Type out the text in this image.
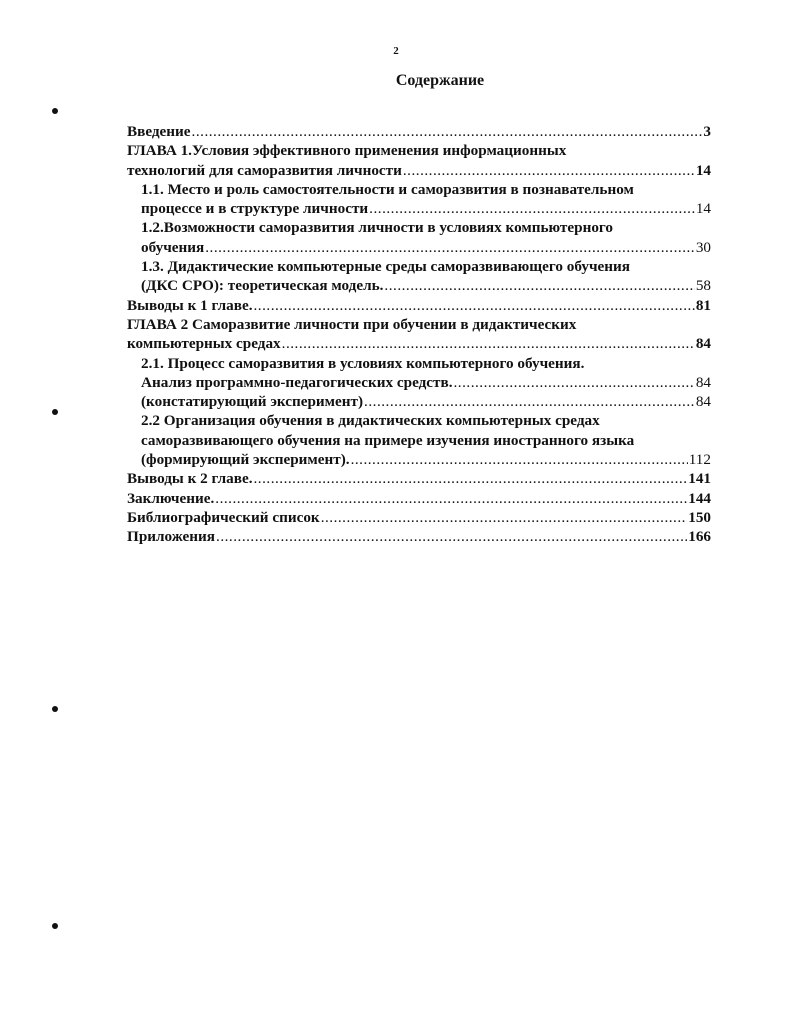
2
Содержание
Введение .....	3
ГЛАВА 1.Условия эффективного применения информационных
технологий для саморазвития личности .....	14
1.1. Место и роль самостоятельности и саморазвития в познавательном
процессе и в структуре личности .....	14
1.2.Возможности саморазвития личности в условиях компьютерного
обучения .....	30
1.3. Дидактические компьютерные среды саморазвивающего обучения
(ДКС СРО): теоретическая модель. .....	58
Выводы к 1 главе. .....	81
ГЛАВА 2 Саморазвитие личности при обучении в дидактических
компьютерных средах .....	84
2.1. Процесс саморазвития в условиях компьютерного обучения.
Анализ программно-педагогических средств. .....	84
(констатирующий эксперимент) .....	84
2.2 Организация обучения в дидактических компьютерных средах
саморазвивающего обучения на примере изучения иностранного языка
(формирующий эксперимент). .....	112
Выводы к 2 главе. .....	141
Заключение. .....	144
Библиографический список .....	150
Приложения .....	166
